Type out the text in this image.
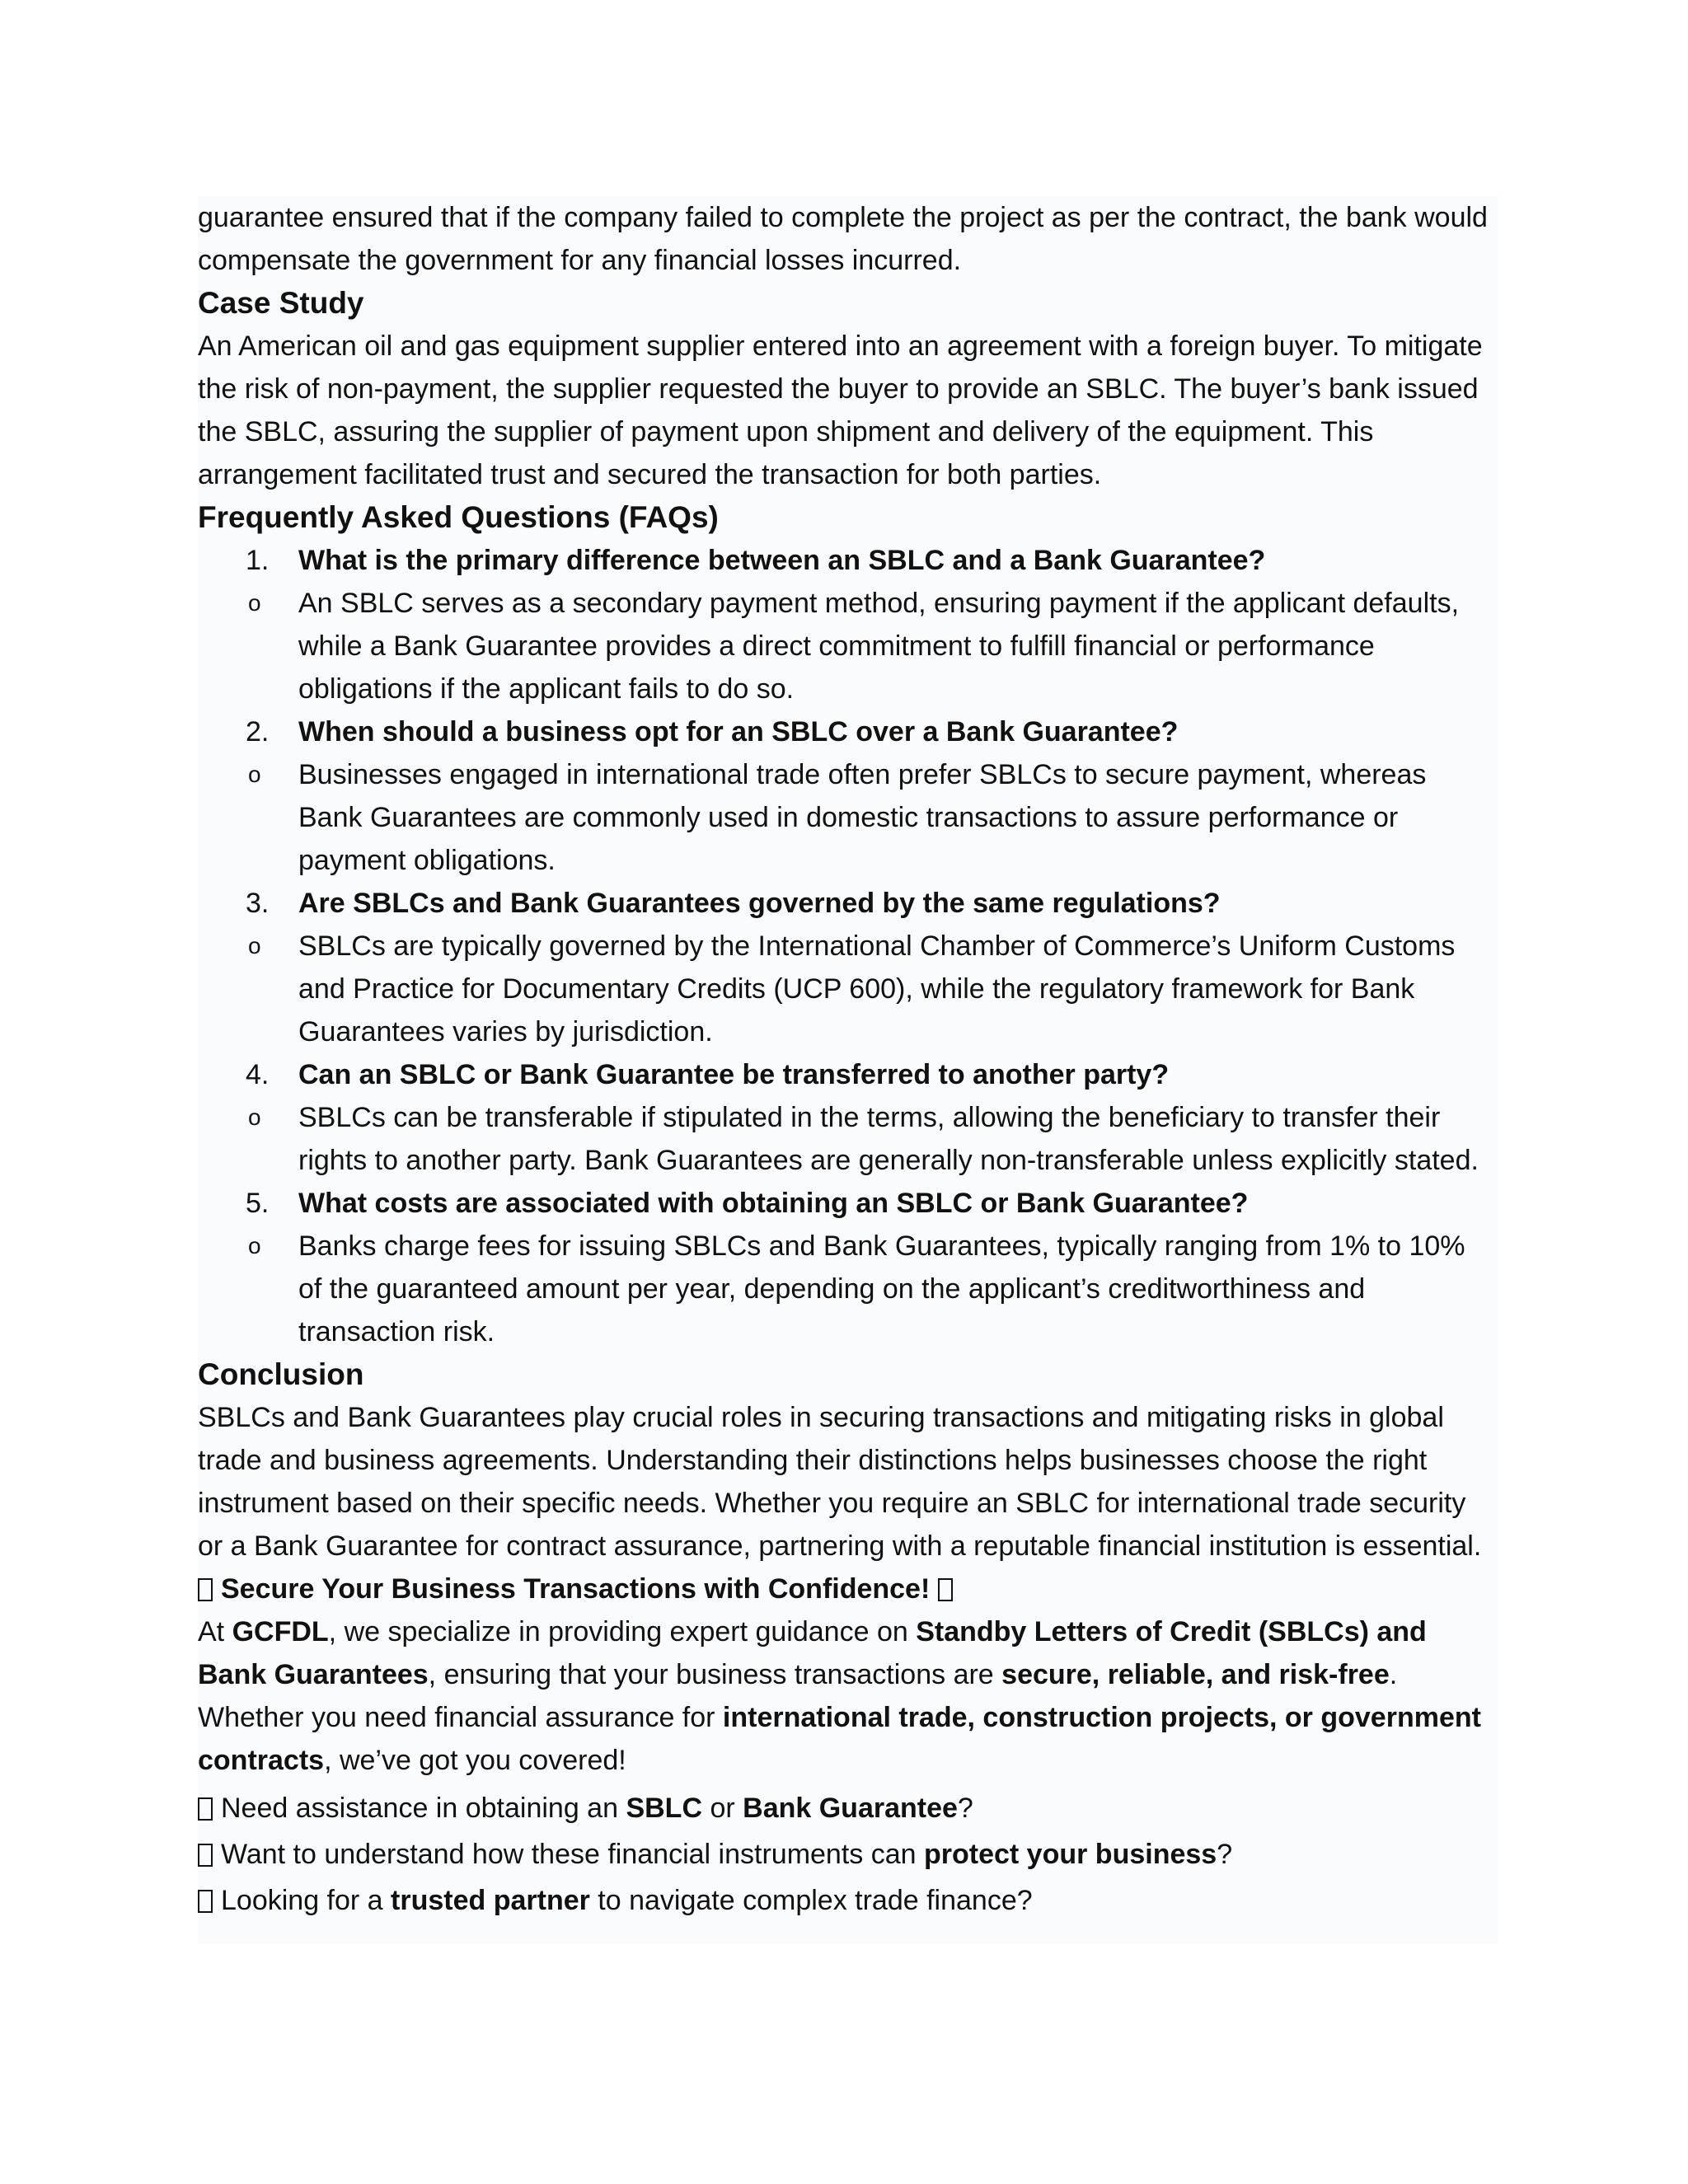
guarantee ensured that if the company failed to complete the project as per the contract, the bank would compensate the government for any financial losses incurred.

Case Study

An American oil and gas equipment supplier entered into an agreement with a foreign buyer. To mitigate the risk of non-payment, the supplier requested the buyer to provide an SBLC. The buyer’s bank issued the SBLC, assuring the supplier of payment upon shipment and delivery of the equipment. This arrangement facilitated trust and secured the transaction for both parties.

Frequently Asked Questions (FAQs)
1.	What is the primary difference between an SBLC and a Bank Guarantee?
o An SBLC serves as a secondary payment method, ensuring payment if the applicant defaults, while a Bank Guarantee provides a direct commitment to fulfill financial or performance obligations if the applicant fails to do so.
2.	When should a business opt for an SBLC over a Bank Guarantee?
o Businesses engaged in international trade often prefer SBLCs to secure payment, whereas Bank Guarantees are commonly used in domestic transactions to assure performance or payment obligations.
3.	Are SBLCs and Bank Guarantees governed by the same regulations?
o SBLCs are typically governed by the International Chamber of Commerce’s Uniform Customs and Practice for Documentary Credits (UCP 600), while the regulatory framework for Bank Guarantees varies by jurisdiction.
4.	Can an SBLC or Bank Guarantee be transferred to another party?
o SBLCs can be transferable if stipulated in the terms, allowing the beneficiary to transfer their rights to another party. Bank Guarantees are generally non-transferable unless explicitly stated.
5.	What costs are associated with obtaining an SBLC or Bank Guarantee?
o Banks charge fees for issuing SBLCs and Bank Guarantees, typically ranging from 1% to 10% of the guaranteed amount per year, depending on the applicant’s creditworthiness and transaction risk.
Conclusion

SBLCs and Bank Guarantees play crucial roles in securing transactions and mitigating risks in global trade and business agreements. Understanding their distinctions helps businesses choose the right instrument based on their specific needs. Whether you require an SBLC for international trade security or a Bank Guarantee for contract assurance, partnering with a reputable financial institution is essential.

Secure Your Business Transactions with Confidence!

At GCFDL, we specialize in providing expert guidance on Standby Letters of Credit (SBLCs) and Bank Guarantees, ensuring that your business transactions are secure, reliable, and risk-free. Whether you need financial assurance for international trade, construction projects, or government contracts, we’ve got you covered!

Need assistance in obtaining an SBLC or Bank Guarantee?

Want to understand how these financial instruments can protect your business?

Looking for a trusted partner to navigate complex trade finance?
